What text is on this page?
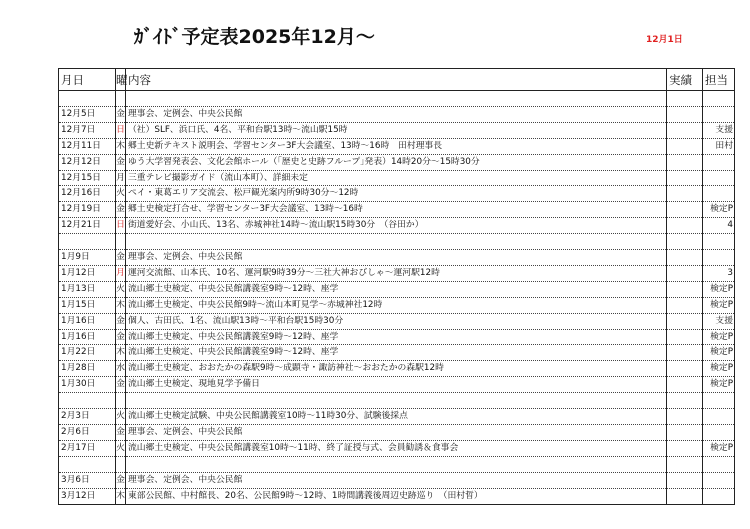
ｶﾞｲﾄﾞ予定表2025年12月～	12月1日
月日	曜	内容	実績	担当	

12月5日	金	理事会、定例会、中央公民館			
12月7日	日	（社）SLF、浜口氏、4名、平和台駅13時～流山駅15時		支援	
12月11日	木	郷土史新テキスト説明会、学習センター3F大会議室、13時～16時　田村理事長		田村	
12月12日	金	ゆう大学習発表会、文化会館ホール（｢歴史と史跡フループ｣発表）14時20分～15時30分			
12月15日	月	三重テレビ撮影ガイド（流山本町）、詳細未定			
12月16日	火	ペイ・東葛エリア交流会、松戸観光案内所9時30分～12時			
12月19日	金	郷土史検定打合せ、学習センター3F大会議室、13時～16時		検定P	
12月21日	日	街道愛好会、小山氏、13名、赤城神社14時～流山駅15時30分　（谷田か）		4	

1月9日	金	理事会、定例会、中央公民館			
1月12日	月	運河交流館、山本氏、10名、運河駅9時39分～三社大神おびしゃ～運河駅12時		3	
1月13日	火	流山郷土史検定、中央公民館講義室9時～12時、座学		検定P	
1月15日	木	流山郷土史検定、中央公民館9時～流山本町見学～赤城神社12時		検定P	
1月16日	金	個人、古田氏、1名、流山駅13時～平和台駅15時30分		支援	
1月16日	金	流山郷土史検定、中央公民館講義室9時～12時、座学		検定P	
1月22日	木	流山郷土史検定、中央公民館講義室9時～12時、座学		検定P	
1月28日	水	流山郷土史検定、おおたかの森駅9時～成顕寺・諏訪神社～おおたかの森駅12時		検定P	
1月30日	金	流山郷土史検定、現地見学予備日		検定P	

2月3日	火	流山郷土史検定試験、中央公民館講義室10時～11時30分、試験後採点			
2月6日	金	理事会、定例会、中央公民館			
2月17日	火	流山郷土史検定、中央公民館講義室10時～11時、終了証授与式、会員勧誘＆食事会		検定P	

3月6日	金	理事会、定例会、中央公民館			
3月12日	木	東部公民館、中村館長、20名、公民館9時～12時、1時間講義後周辺史跡巡り　（田村晢）			
